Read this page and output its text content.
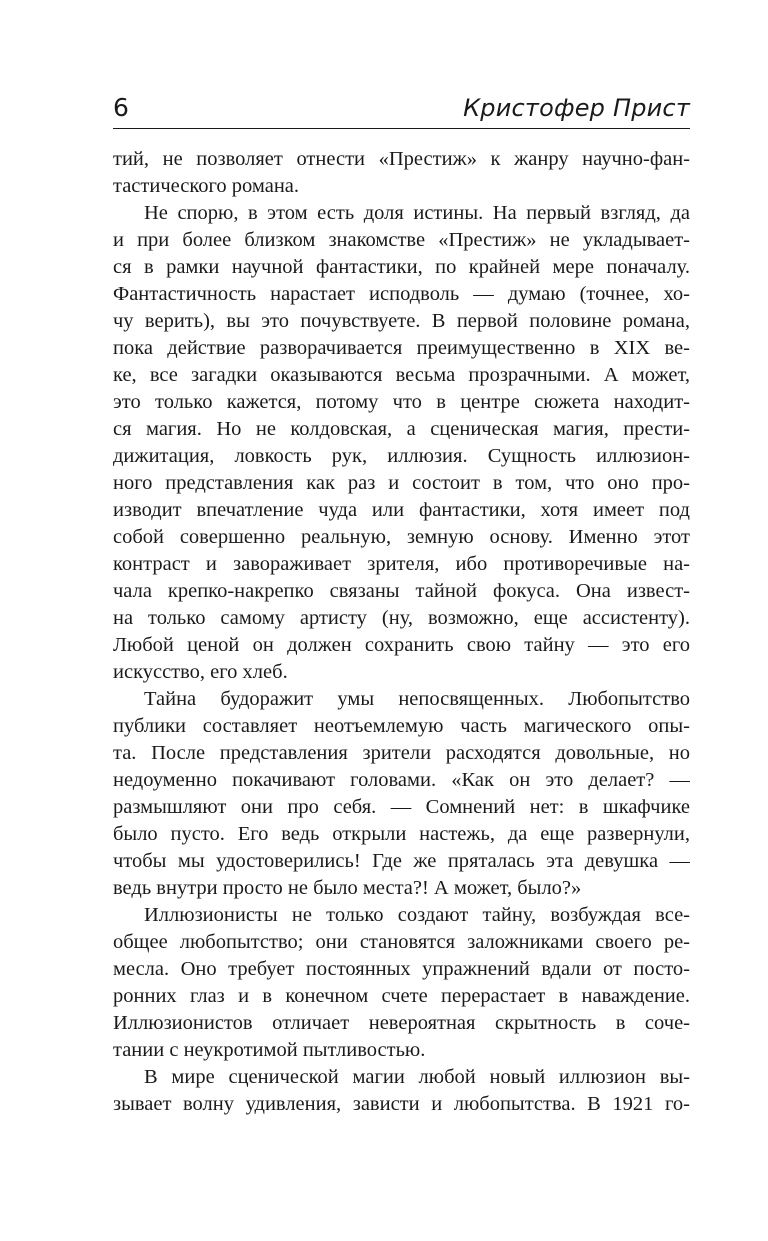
6	Кристофер Прист
тий, не позволяет отнести «Престиж» к жанру научно-фан-
тастического романа.
Не спорю, в этом есть доля истины. На первый взгляд, да
и при более близком знакомстве «Престиж» не укладывает-
ся в рамки научной фантастики, по крайней мере поначалу.
Фантастичность нарастает исподволь — думаю (точнее, хо-
чу верить), вы это почувствуете. В первой половине романа,
пока действие разворачивается преимущественно в XIX ве-
ке, все загадки оказываются весьма прозрачными. А может,
это только кажется, потому что в центре сюжета находит-
ся магия. Но не колдовская, а сценическая магия, прести-
дижитация, ловкость рук, иллюзия. Сущность иллюзион-
ного представления как раз и состоит в том, что оно про-
изводит впечатление чуда или фантастики, хотя имеет под
собой совершенно реальную, земную основу. Именно этот
контраст и завораживает зрителя, ибо противоречивые на-
чала крепко-накрепко связаны тайной фокуса. Она извест-
на только самому артисту (ну, возможно, еще ассистенту).
Любой ценой он должен сохранить свою тайну — это его
искусство, его хлеб.
Тайна будоражит умы непосвященных. Любопытство
публики составляет неотъемлемую часть магического опы-
та. После представления зрители расходятся довольные, но
недоуменно покачивают головами. «Как он это делает? —
размышляют они про себя. — Сомнений нет: в шкафчике
было пусто. Его ведь открыли настежь, да еще развернули,
чтобы мы удостоверились! Где же пряталась эта девушка —
ведь внутри просто не было места?! А может, было?»
Иллюзионисты не только создают тайну, возбуждая все-
общее любопытство; они становятся заложниками своего ре-
месла. Оно требует постоянных упражнений вдали от посто-
ронних глаз и в конечном счете перерастает в наваждение.
Иллюзионистов отличает невероятная скрытность в соче-
тании с неукротимой пытливостью.
В мире сценической магии любой новый иллюзион вы-
зывает волну удивления, зависти и любопытства. В 1921 го-
